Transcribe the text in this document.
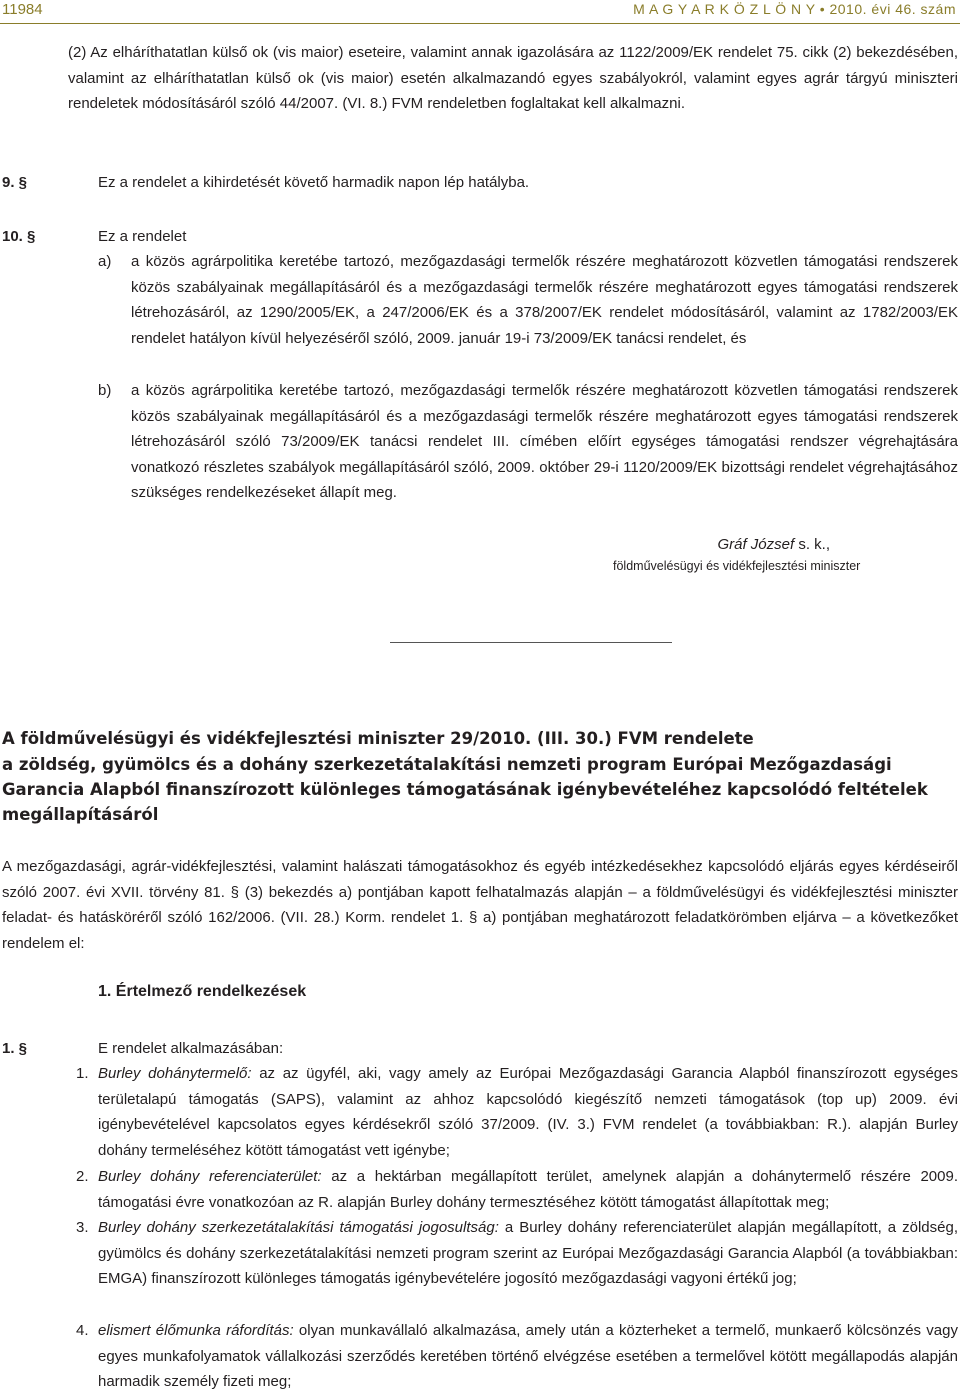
11984	M A G Y A R K Ö Z L Ö N Y • 2010. évi 46. szám

(2) Az elháríthatatlan külső ok (vis maior) eseteire, valamint annak igazolására az 1122/2009/EK rendelet 75. cikk (2) bekezdésében, valamint az elháríthatatlan külső ok (vis maior) esetén alkalmazandó egyes szabályokról, valamint egyes agrár tárgyú miniszteri rendeletek módosításáról szóló 44/2007. (VI. 8.) FVM rendeletben foglaltakat kell alkalmazni.

9. §	Ez a rendelet a kihirdetését követő harmadik napon lép hatályba.

10. §	Ez a rendelet

a) a közös agrárpolitika keretébe tartozó, mezőgazdasági termelők részére meghatározott közvetlen támogatási rendszerek közös szabályainak megállapításáról és a mezőgazdasági termelők részére meghatározott egyes támogatási rendszerek létrehozásáról, az 1290/2005/EK, a 247/2006/EK és a 378/2007/EK rendelet módosításáról, valamint az 1782/2003/EK rendelet hatályon kívül helyezéséről szóló, 2009. január 19-i 73/2009/EK tanácsi rendelet, és

b) a közös agrárpolitika keretébe tartozó, mezőgazdasági termelők részére meghatározott közvetlen támogatási rendszerek közös szabályainak megállapításáról és a mezőgazdasági termelők részére meghatározott egyes támogatási rendszerek létrehozásáról szóló 73/2009/EK tanácsi rendelet III. címében előírt egységes támogatási rendszer végrehajtására vonatkozó részletes szabályok megállapításáról szóló, 2009. október 29-i 1120/2009/EK bizottsági rendelet végrehajtásához szükséges rendelkezéseket állapít meg.

Gráf József s. k.,
földművelésügyi és vidékfejlesztési miniszter

A földművelésügyi és vidékfejlesztési miniszter 29/2010. (III. 30.) FVM rendelete

a zöldség, gyümölcs és a dohány szerkezetátalakítási nemzeti program Európai Mezőgazdasági Garancia Alapból finanszírozott különleges támogatásának igénybevételéhez kapcsolódó feltételek megállapításáról

A mezőgazdasági, agrár-vidékfejlesztési, valamint halászati támogatásokhoz és egyéb intézkedésekhez kapcsolódó eljárás egyes kérdéseiről szóló 2007. évi XVII. törvény 81. § (3) bekezdés a) pontjában kapott felhatalmazás alapján – a földművelésügyi és vidékfejlesztési miniszter feladat- és hatásköréről szóló 162/2006. (VII. 28.) Korm. rendelet 1. § a) pontjában meghatározott feladatkörömben eljárva – a következőket rendelem el:

1. Értelmező rendelkezések
1. §	E rendelet alkalmazásában:

1. Burley dohánytermelő: az az ügyfél, aki, vagy amely az Európai Mezőgazdasági Garancia Alapból finanszírozott egységes területalapú támogatás (SAPS), valamint az ahhoz kapcsolódó kiegészítő nemzeti támogatások (top up) 2009. évi igénybevételével kapcsolatos egyes kérdésekről szóló 37/2009. (IV. 3.) FVM rendelet (a továbbiakban: R.). alapján Burley dohány termeléséhez kötött támogatást vett igénybe;

2. Burley dohány referenciaterület: az a hektárban megállapított terület, amelynek alapján a dohánytermelő részére 2009. támogatási évre vonatkozóan az R. alapján Burley dohány termesztéséhez kötött támogatást állapítottak meg;

3. Burley dohány szerkezetátalakítási támogatási jogosultság: a Burley dohány referenciaterület alapján megállapított, a zöldség, gyümölcs és dohány szerkezetátalakítási nemzeti program szerint az Európai Mezőgazdasági Garancia Alapból (a továbbiakban: EMGA) finanszírozott különleges támogatás igénybevételére jogosító mezőgazdasági vagyoni értékű jog;

4. elismert élőmunka ráfordítás: olyan munkavállaló alkalmazása, amely után a közterheket a termelő, munkaerő kölcsönzés vagy egyes munkafolyamatok vállalkozási szerződés keretében történő elvégzése esetében a termelővel kötött megállapodás alapján harmadik személy fizeti meg;
